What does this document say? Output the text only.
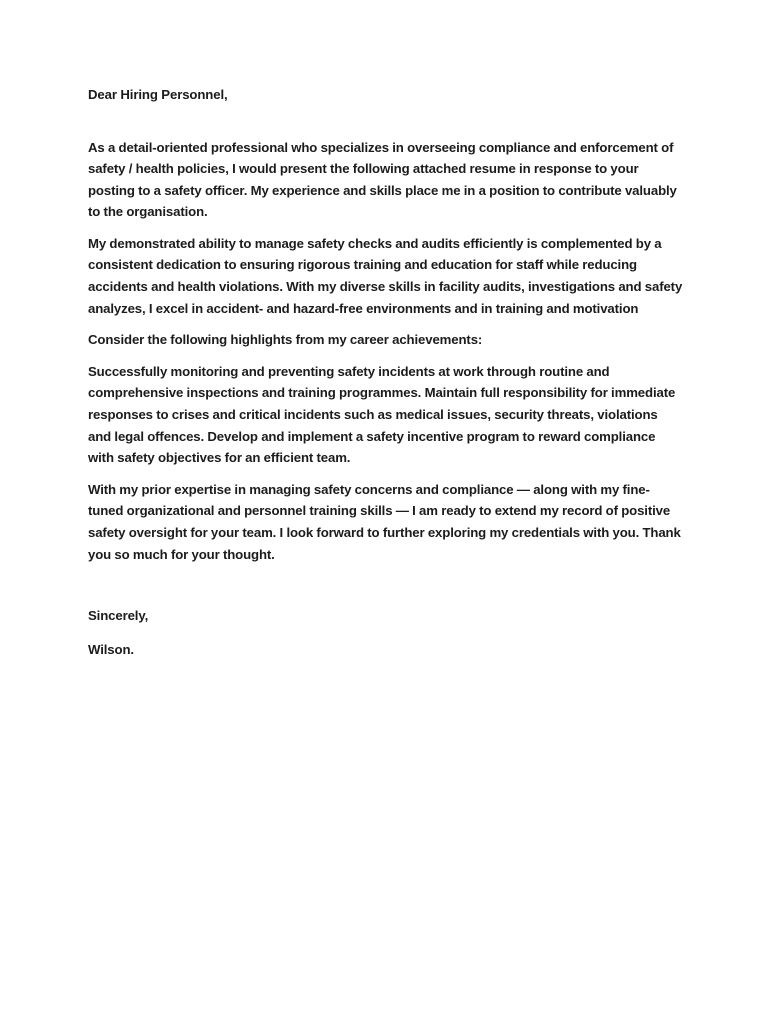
Dear Hiring Personnel,

As a detail-oriented professional who specializes in overseeing compliance and enforcement of safety / health policies, I would present the following attached resume in response to your posting to a safety officer. My experience and skills place me in a position to contribute valuably to the organisation.

My demonstrated ability to manage safety checks and audits efficiently is complemented by a consistent dedication to ensuring rigorous training and education for staff while reducing accidents and health violations. With my diverse skills in facility audits, investigations and safety analyzes, I excel in accident- and hazard-free environments and in training and motivation

Consider the following highlights from my career achievements:

Successfully monitoring and preventing safety incidents at work through routine and comprehensive inspections and training programmes. Maintain full responsibility for immediate responses to crises and critical incidents such as medical issues, security threats, violations and legal offences. Develop and implement a safety incentive program to reward compliance with safety objectives for an efficient team.

With my prior expertise in managing safety concerns and compliance — along with my fine-tuned organizational and personnel training skills — I am ready to extend my record of positive safety oversight for your team. I look forward to further exploring my credentials with you. Thank you so much for your thought.

Sincerely,

Wilson.
